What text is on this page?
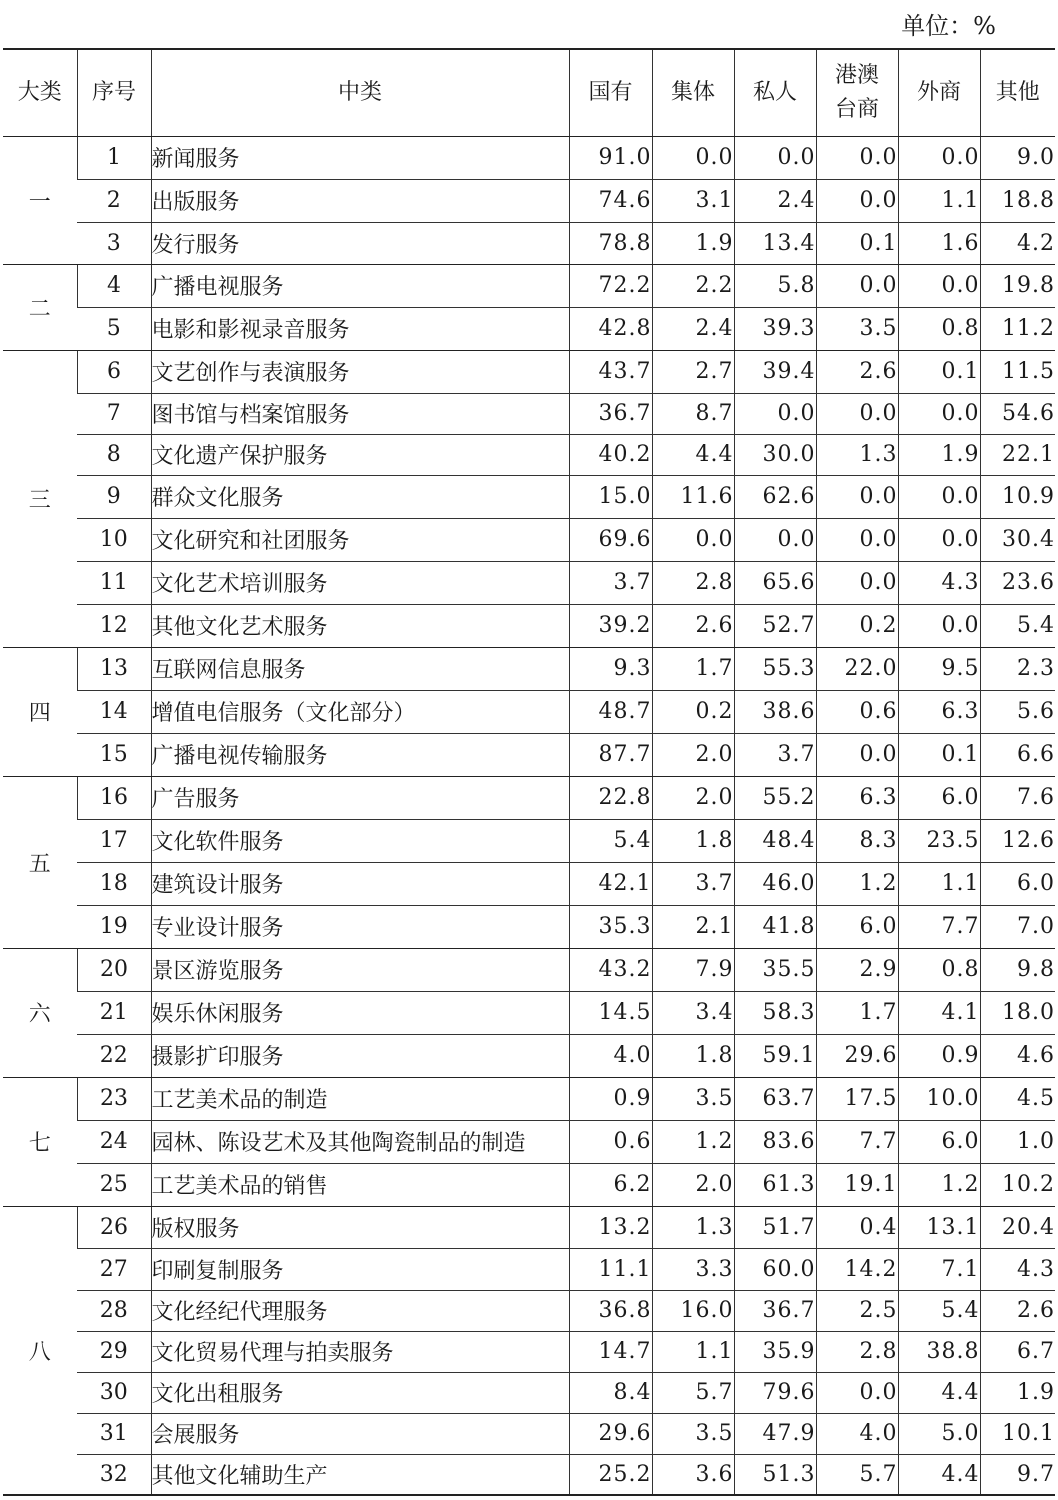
单位：%
大类	序号	中类	国有	集体	私人	港澳台商	外商	其他
一	1	新闻服务	91.0	0.0	0.0	0.0	0.0	9.0
	2	出版服务	74.6	3.1	2.4	0.0	1.1	18.8
	3	发行服务	78.8	1.9	13.4	0.1	1.6	4.2
二	4	广播电视服务	72.2	2.2	5.8	0.0	0.0	19.8
	5	电影和影视录音服务	42.8	2.4	39.3	3.5	0.8	11.2
三	6	文艺创作与表演服务	43.7	2.7	39.4	2.6	0.1	11.5
	7	图书馆与档案馆服务	36.7	8.7	0.0	0.0	0.0	54.6
	8	文化遗产保护服务	40.2	4.4	30.0	1.3	1.9	22.1
	9	群众文化服务	15.0	11.6	62.6	0.0	0.0	10.9
	10	文化研究和社团服务	69.6	0.0	0.0	0.0	0.0	30.4
	11	文化艺术培训服务	3.7	2.8	65.6	0.0	4.3	23.6
	12	其他文化艺术服务	39.2	2.6	52.7	0.2	0.0	5.4
四	13	互联网信息服务	9.3	1.7	55.3	22.0	9.5	2.3
	14	增值电信服务（文化部分）	48.7	0.2	38.6	0.6	6.3	5.6
	15	广播电视传输服务	87.7	2.0	3.7	0.0	0.1	6.6
五	16	广告服务	22.8	2.0	55.2	6.3	6.0	7.6
	17	文化软件服务	5.4	1.8	48.4	8.3	23.5	12.6
	18	建筑设计服务	42.1	3.7	46.0	1.2	1.1	6.0
	19	专业设计服务	35.3	2.1	41.8	6.0	7.7	7.0
六	20	景区游览服务	43.2	7.9	35.5	2.9	0.8	9.8
	21	娱乐休闲服务	14.5	3.4	58.3	1.7	4.1	18.0
	22	摄影扩印服务	4.0	1.8	59.1	29.6	0.9	4.6
七	23	工艺美术品的制造	0.9	3.5	63.7	17.5	10.0	4.5
	24	园林、陈设艺术及其他陶瓷制品的制造	0.6	1.2	83.6	7.7	6.0	1.0
	25	工艺美术品的销售	6.2	2.0	61.3	19.1	1.2	10.2
八	26	版权服务	13.2	1.3	51.7	0.4	13.1	20.4
	27	印刷复制服务	11.1	3.3	60.0	14.2	7.1	4.3
	28	文化经纪代理服务	36.8	16.0	36.7	2.5	5.4	2.6
	29	文化贸易代理与拍卖服务	14.7	1.1	35.9	2.8	38.8	6.7
	30	文化出租服务	8.4	5.7	79.6	0.0	4.4	1.9
	31	会展服务	29.6	3.5	47.9	4.0	5.0	10.1
	32	其他文化辅助生产	25.2	3.6	51.3	5.7	4.4	9.7
